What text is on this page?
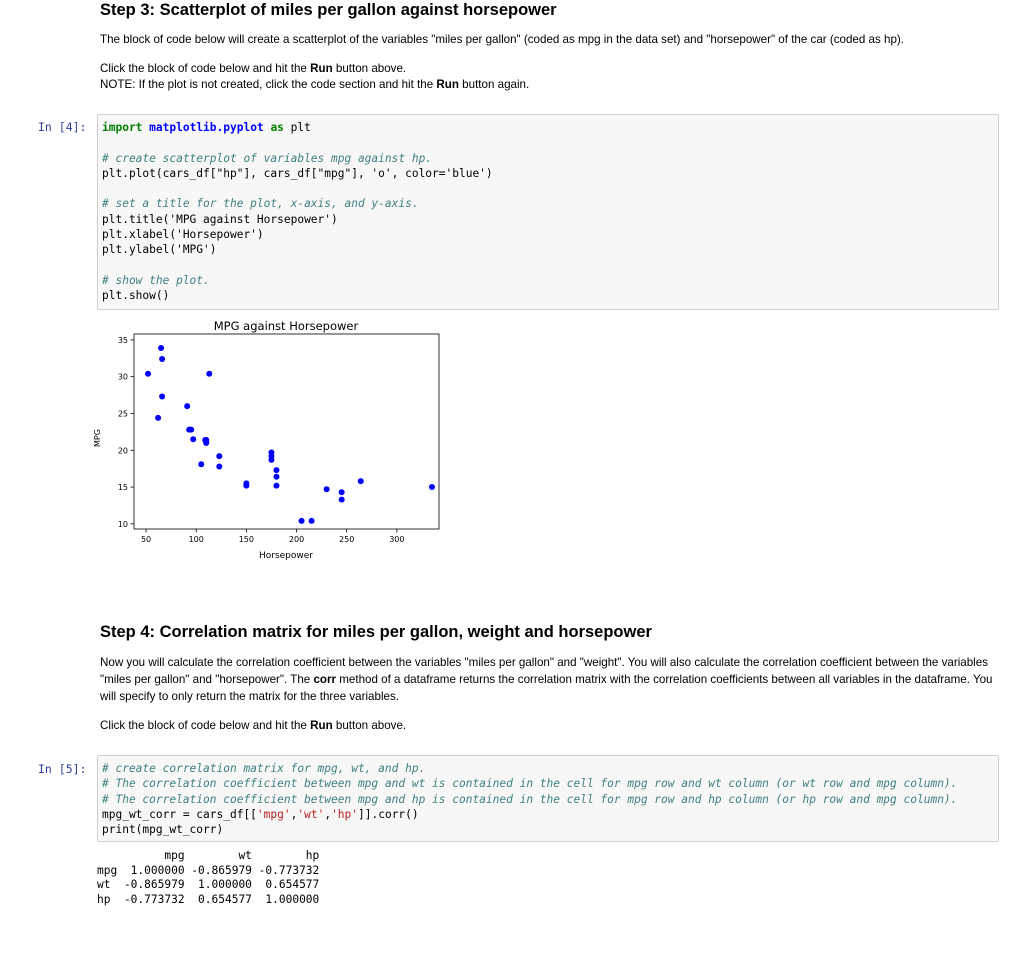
Step 3: Scatterplot of miles per gallon against horsepower

The block of code below will create a scatterplot of the variables "miles per gallon" (coded as mpg in the data set) and "horsepower" of the car (coded as hp).

Click the block of code below and hit the Run button above.

NOTE: If the plot is not created, click the code section and hit the Run button again.

In [4]:	import matplotlib.pyplot as plt

# create scatterplot of variables mpg against hp.
plt.plot(cars_df["hp"], cars_df["mpg"], 'o', color='blue')

# set a title for the plot, x-axis, and y-axis.
plt.title('MPG against Horsepower')
plt.xlabel('Horsepower')
plt.ylabel('MPG')

# show the plot.
plt.show()
MPG against Horsepower
Horsepower
MPG
50	100	150	200	250	300
10
15
20
25
30
35
Step 4: Correlation matrix for miles per gallon, weight and horsepower

Now you will calculate the correlation coefficient between the variables "miles per gallon" and "weight". You will also calculate the correlation coefficient between the variables "miles per gallon" and "horsepower". The corr method of a dataframe returns the correlation matrix with the correlation coefficients between all variables in the dataframe. You will specify to only return the matrix for the three variables.

Click the block of code below and hit the Run button above.

In [5]:	# create correlation matrix for mpg, wt, and hp.
# The correlation coefficient between mpg and wt is contained in the cell for mpg row and wt column (or wt row and mpg column).
# The correlation coefficient between mpg and hp is contained in the cell for mpg row and hp column (or hp row and mpg column).
mpg_wt_corr = cars_df[['mpg','wt','hp']].corr()
print(mpg_wt_corr)
mpg        wt        hp
mpg  1.000000 -0.865979 -0.773732
wt  -0.865979  1.000000  0.654577
hp  -0.773732  0.654577  1.000000
